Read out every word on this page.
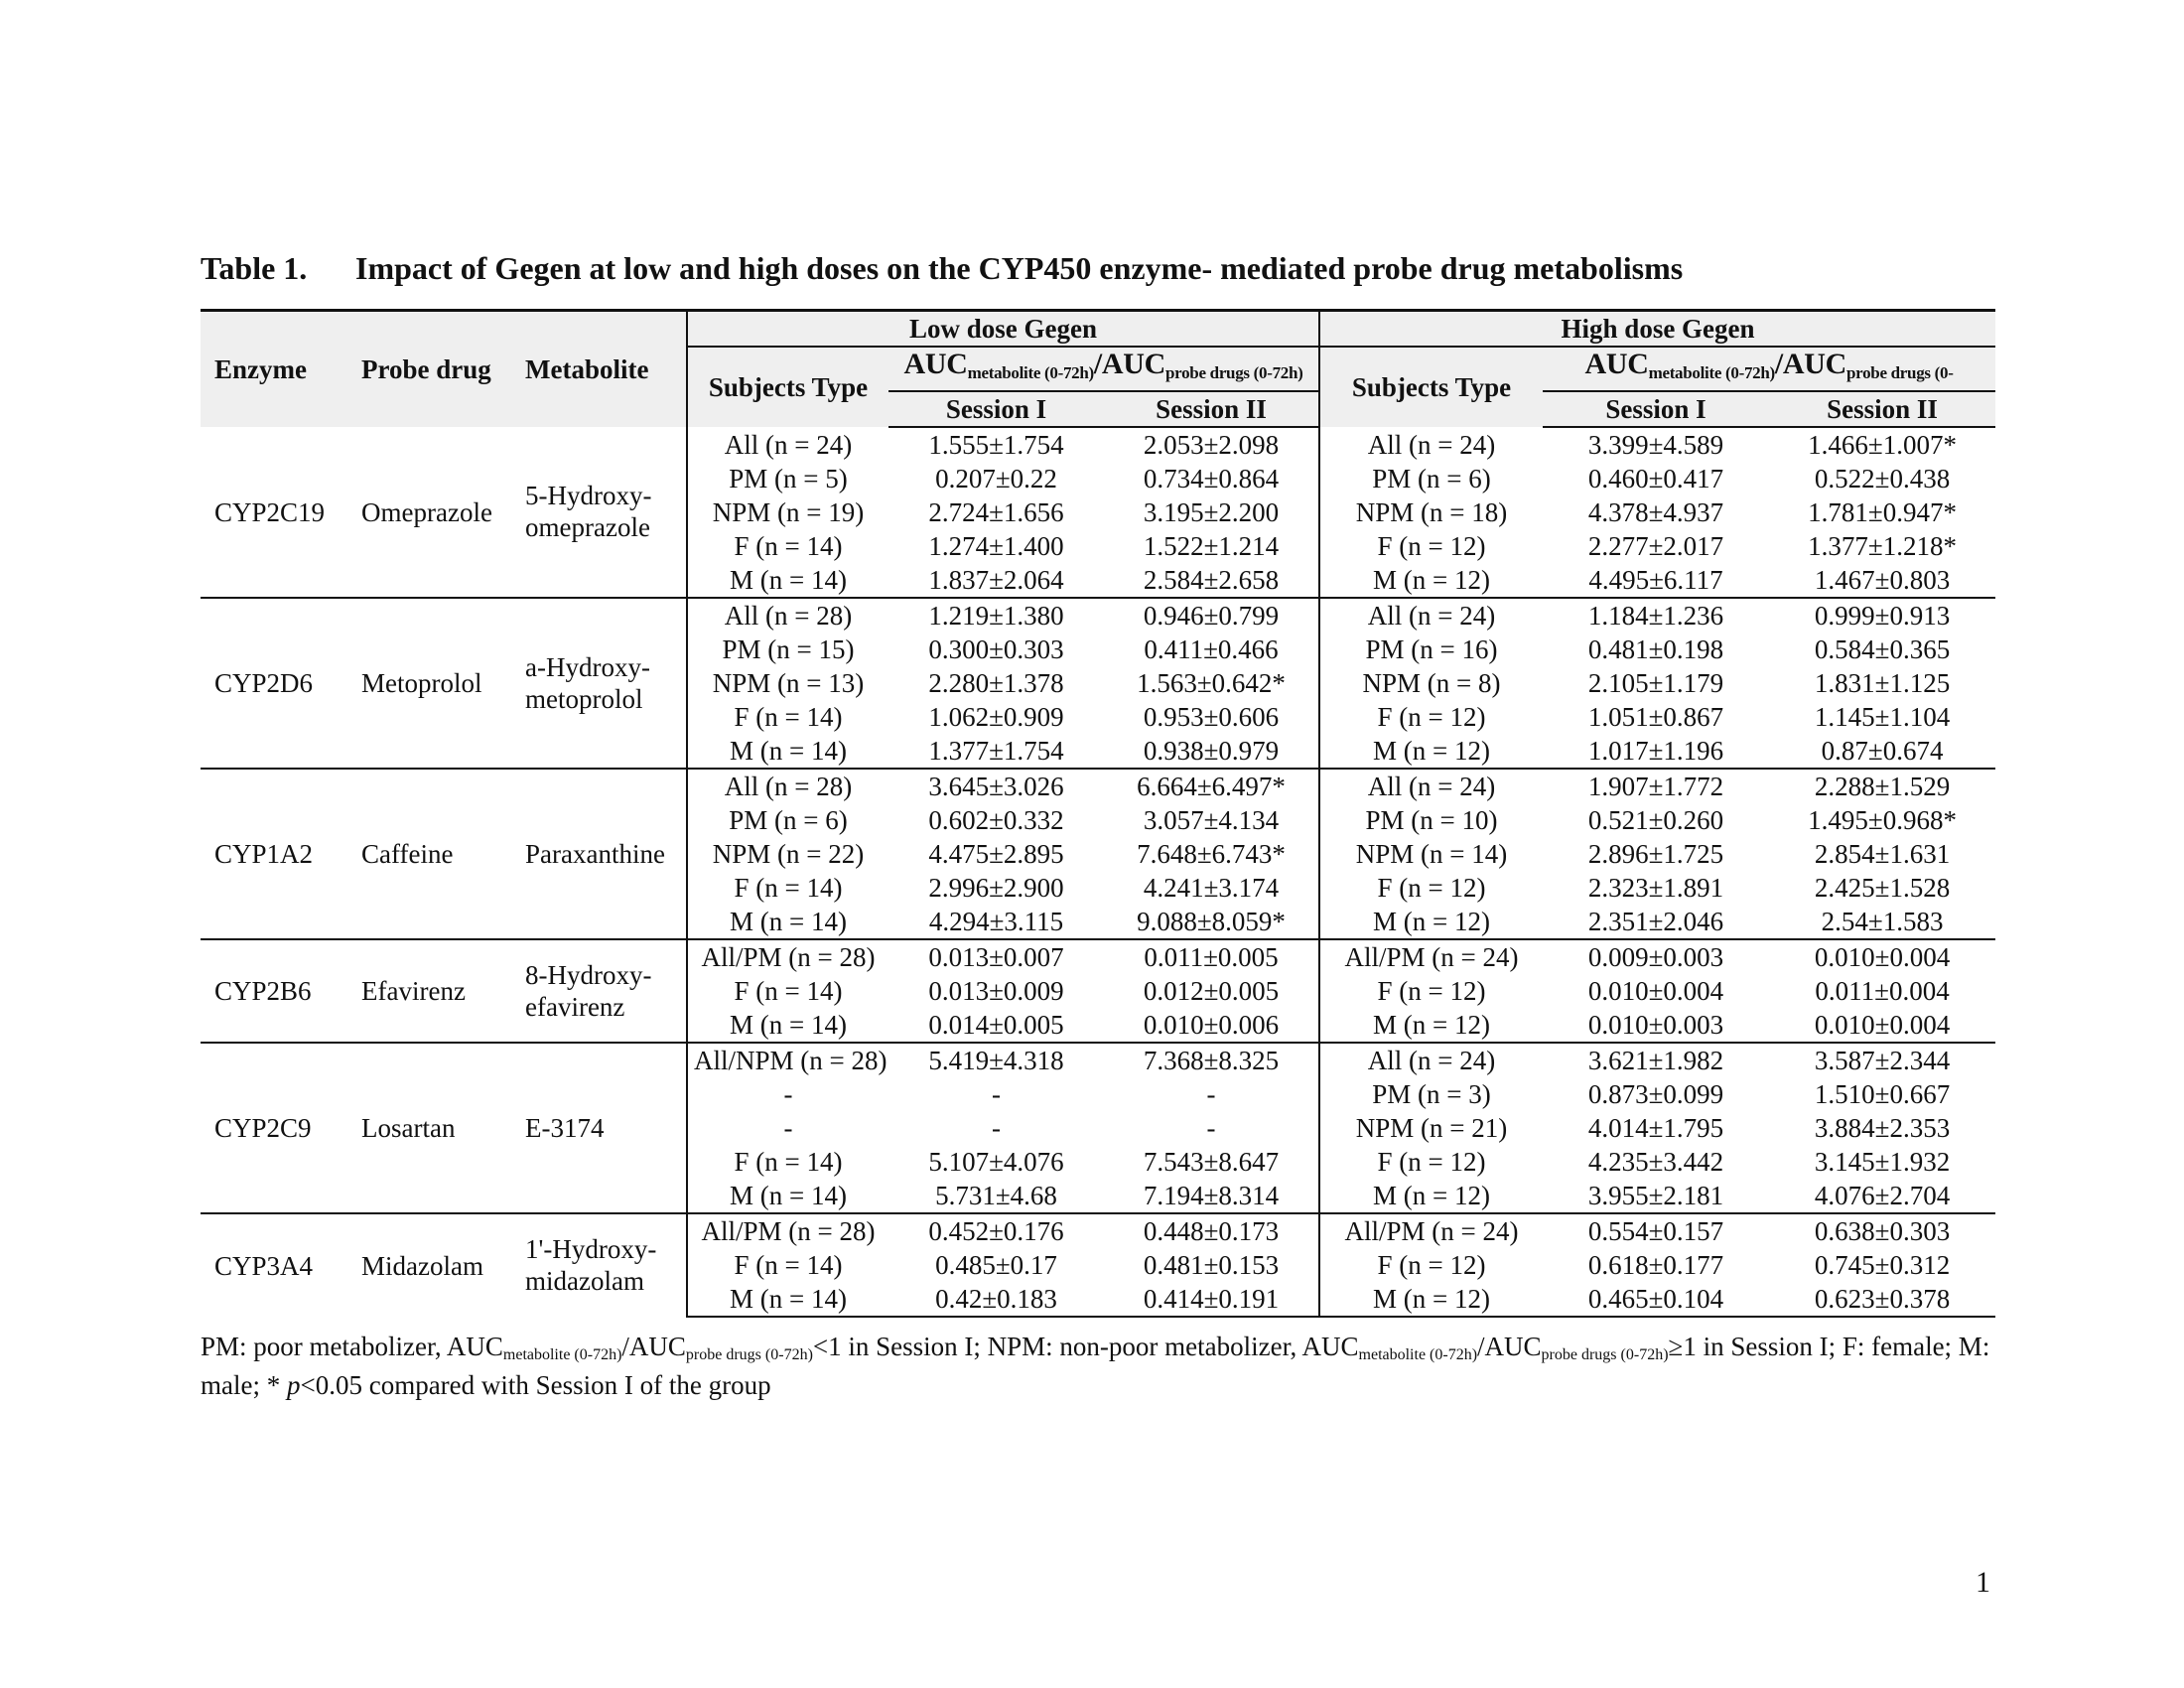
Table 1. Impact of Gegen at low and high doses on the CYP450 enzyme- mediated probe drug metabolisms
Enzyme	Probe drug	Metabolite	Low dose Gegen			High dose Gegen		
			Subjects Type	$AUC_{metabolite (0-72h)}/AUC_{probe drugs (0-72h)}$		Subjects Type	$AUC_{metabolite (0-72h)}/AUC_{probe drugs (0-}$
				Session I	Session II		Session I	Session II
CYP2C19	Omeprazole	5-Hydroxy-omeprazole	All (n = 24)	1.555±1.754	2.053±2.098	All (n = 24)	3.399±4.589	1.466±1.007*
			PM (n = 5)	0.207±0.22	0.734±0.864	PM (n = 6)	0.460±0.417	0.522±0.438
			NPM (n = 19)	2.724±1.656	3.195±2.200	NPM (n = 18)	4.378±4.937	1.781±0.947*
			F (n = 14)	1.274±1.400	1.522±1.214	F (n = 12)	2.277±2.017	1.377±1.218*
			M (n = 14)	1.837±2.064	2.584±2.658	M (n = 12)	4.495±6.117	1.467±0.803
CYP2D6	Metoprolol	a-Hydroxy-metoprolol	All (n = 28)	1.219±1.380	0.946±0.799	All (n = 24)	1.184±1.236	0.999±0.913
			PM (n = 15)	0.300±0.303	0.411±0.466	PM (n = 16)	0.481±0.198	0.584±0.365
			NPM (n = 13)	2.280±1.378	1.563±0.642*	NPM (n = 8)	2.105±1.179	1.831±1.125
			F (n = 14)	1.062±0.909	0.953±0.606	F (n = 12)	1.051±0.867	1.145±1.104
			M (n = 14)	1.377±1.754	0.938±0.979	M (n = 12)	1.017±1.196	0.87±0.674
CYP1A2	Caffeine	Paraxanthine	All (n = 28)	3.645±3.026	6.664±6.497*	All (n = 24)	1.907±1.772	2.288±1.529
			PM (n = 6)	0.602±0.332	3.057±4.134	PM (n = 10)	0.521±0.260	1.495±0.968*
			NPM (n = 22)	4.475±2.895	7.648±6.743*	NPM (n = 14)	2.896±1.725	2.854±1.631
			F (n = 14)	2.996±2.900	4.241±3.174	F (n = 12)	2.323±1.891	2.425±1.528
			M (n = 14)	4.294±3.115	9.088±8.059*	M (n = 12)	2.351±2.046	2.54±1.583
CYP2B6	Efavirenz	8-Hydroxy-efavirenz	All/PM (n = 28)	0.013±0.007	0.011±0.005	All/PM (n = 24)	0.009±0.003	0.010±0.004
			F (n = 14)	0.013±0.009	0.012±0.005	F (n = 12)	0.010±0.004	0.011±0.004
			M (n = 14)	0.014±0.005	0.010±0.006	M (n = 12)	0.010±0.003	0.010±0.004
CYP2C9	Losartan	E-3174	All/NPM (n = 28)	5.419±4.318	7.368±8.325	All (n = 24)	3.621±1.982	3.587±2.344
			-	-	-	PM (n = 3)	0.873±0.099	1.510±0.667
			-	-	-	NPM (n = 21)	4.014±1.795	3.884±2.353
			F (n = 14)	5.107±4.076	7.543±8.647	F (n = 12)	4.235±3.442	3.145±1.932
			M (n = 14)	5.731±4.68	7.194±8.314	M (n = 12)	3.955±2.181	4.076±2.704
CYP3A4	Midazolam	1'-Hydroxy-midazolam	All/PM (n = 28)	0.452±0.176	0.448±0.173	All/PM (n = 24)	0.554±0.157	0.638±0.303
			F (n = 14)	0.485±0.17	0.481±0.153	F (n = 12)	0.618±0.177	0.745±0.312
			M (n = 14)	0.42±0.183	0.414±0.191	M (n = 12)	0.465±0.104	0.623±0.378
PM: poor metabolizer, $AUC_{metabolite (0-72h)}/AUC_{probe drugs (0-72h)}<1$ in Session I; NPM: non-poor metabolizer, $AUC_{metabolite (0-72h)}/AUC_{probe drugs (0-72h)}\ge 1$ in Session I; F: female; M: male; * p<0.05 compared with Session I of the group
1
